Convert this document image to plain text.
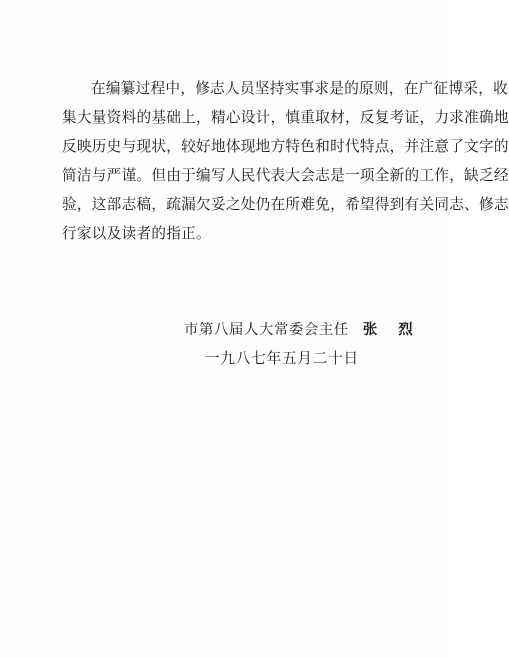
在编纂过程中，修志人员坚持实事求是的原则，在广征博采，收
集大量资料的基础上，精心设计，慎重取材，反复考证，力求准确地
反映历史与现状，较好地体现地方特色和时代特点，并注意了文字的
简洁与严谨。但由于编写人民代表大会志是一项全新的工作，缺乏经
验，这部志稿，疏漏欠妥之处仍在所难免，希望得到有关同志、修志
行家以及读者的指正。
市第八届人大常委会主任 张 烈
一九八七年五月二十日
